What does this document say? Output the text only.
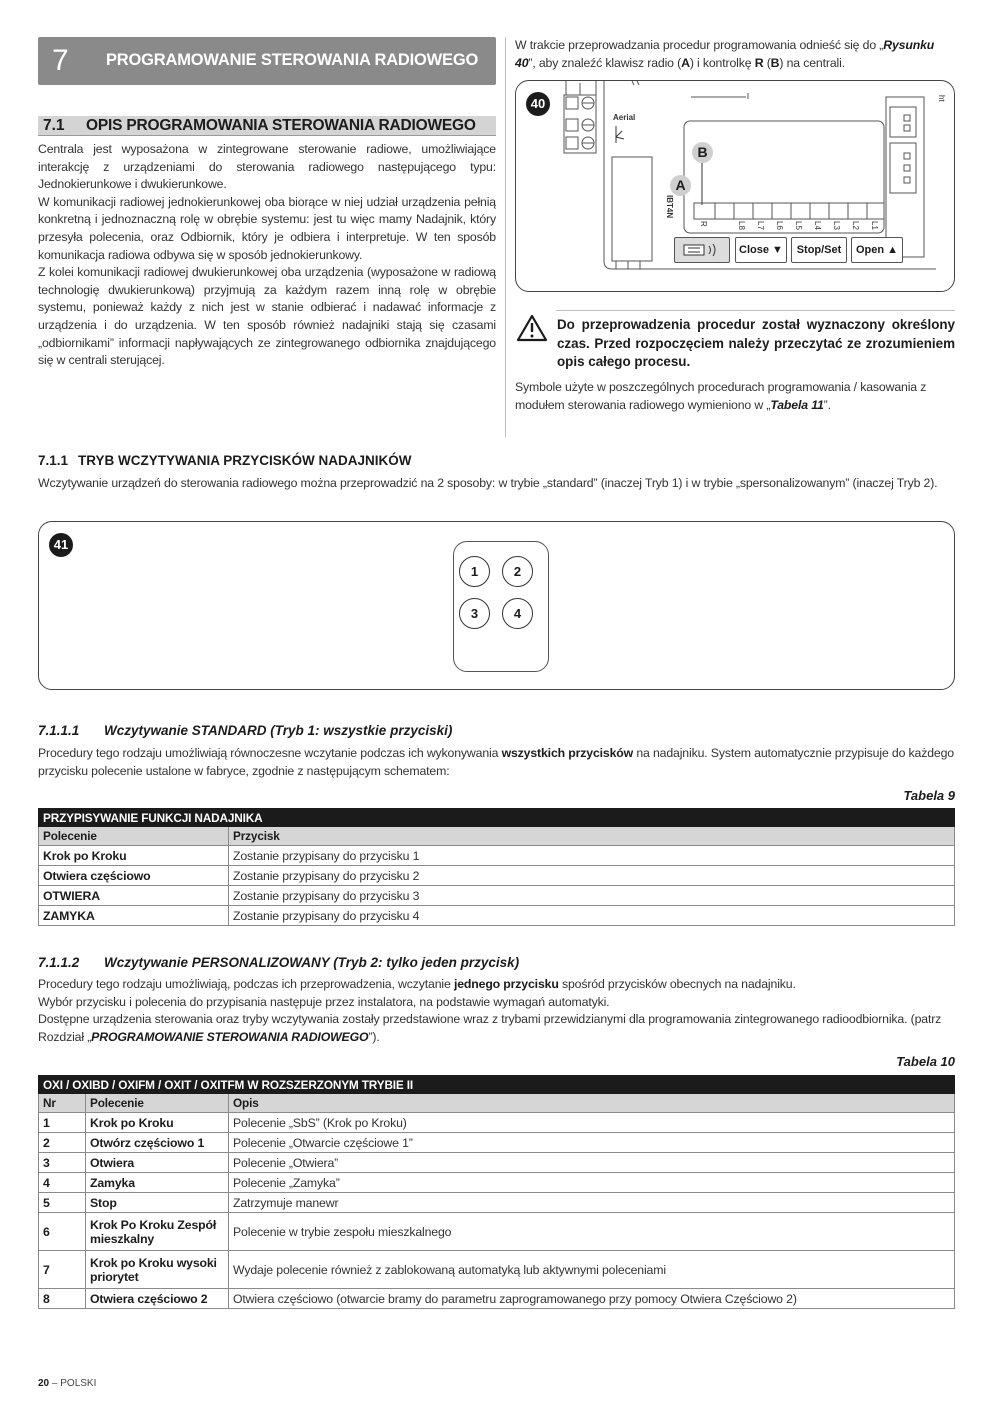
7 PROGRAMOWANIE STEROWANIA RADIOWEGO
7.1 OPIS PROGRAMOWANIA STEROWANIA RADIOWEGO

Centrala jest wyposażona w zintegrowane sterowanie radiowe, umożliwiające interakcję z urządzeniami do sterowania radiowego następującego typu: Jednokierunkowe i dwukierunkowe.

W komunikacji radiowej jednokierunkowej oba biorące w niej udział urządzenia pełnią konkretną i jednoznaczną rolę w obrębie systemu: jest tu więc mamy Nadajnik, który przesyła polecenia, oraz Odbiornik, który je odbiera i interpretuje. W ten sposób komunikacja radiowa odbywa się w sposób jednokierunkowy.

Z kolei komunikacji radiowej dwukierunkowej oba urządzenia (wyposażone w radiową technologię dwukierunkową) przyjmują za każdym razem inną rolę w obrębie systemu, ponieważ każdy z nich jest w stanie odbierać i nadawać informacje z urządzenia i do urządzenia. W ten sposób również nadajniki stają się czasami „odbiornikami” informacji napływających ze zintegrowanego odbiornika znajdującego się w centrali sterującej.

W trakcie przeprowadzania procedur programowania odnieść się do „Rysunku 40”, aby znaleźć klawisz radio (A) i kontrolkę R (B) na centrali.
40
Aerial
IBT4N
ht
B
A
R	L8 L7 L6 L5 L4 L3 L2 L1
Close ▼	Stop/Set	Open ▲
Do przeprowadzenia procedur został wyznaczony określony czas. Przed rozpoczęciem należy przeczytać ze zrozumieniem opis całego procesu.
Symbole użyte w poszczególnych procedurach programowania / kasowania z modułem sterowania radiowego wymieniono w „Tabela 11”.
7.1.1 TRYB WCZYTYWANIA PRZYCISKÓW NADAJNIKÓW
Wczytywanie urządzeń do sterowania radiowego można przeprowadzić na 2 sposoby: w trybie „standard” (inaczej Tryb 1) i w trybie „spersonalizowanym” (inaczej Tryb 2).
41
1	2
3	4
7.1.1.1 Wczytywanie STANDARD (Tryb 1: wszystkie przyciski)
Procedury tego rodzaju umożliwiają równoczesne wczytanie podczas ich wykonywania wszystkich przycisków na nadajniku. System automatycznie przypisuje do każdego przycisku polecenie ustalone w fabryce, zgodnie z następującym schematem:
Tabela 9
PRZYPISYWANIE FUNKCJI NADAJNIKA	
Polecenie	Przycisk
Krok po Kroku	Zostanie przypisany do przycisku 1
Otwiera częściowo	Zostanie przypisany do przycisku 2
OTWIERA	Zostanie przypisany do przycisku 3
ZAMYKA	Zostanie przypisany do przycisku 4
7.1.1.2 Wczytywanie PERSONALIZOWANY (Tryb 2: tylko jeden przycisk)
Procedury tego rodzaju umożliwiają, podczas ich przeprowadzenia, wczytanie jednego przycisku spośród przycisków obecnych na nadajniku.
Wybór przycisku i polecenia do przypisania następuje przez instalatora, na podstawie wymagań automatyki.
Dostępne urządzenia sterowania oraz tryby wczytywania zostały przedstawione wraz z trybami przewidzianymi dla programowania zintegrowanego radioodbiornika. (patrz Rozdział „PROGRAMOWANIE STEROWANIA RADIOWEGO”).
Tabela 10
OXI / OXIBD / OXIFM / OXIT / OXITFM W ROZSZERZONYM TRYBIE II		
Nr	Polecenie	Opis
1	Krok po Kroku	Polecenie „SbS” (Krok po Kroku)
2	Otwórz częściowo 1	Polecenie „Otwarcie częściowe 1”
3	Otwiera	Polecenie „Otwiera”
4	Zamyka	Polecenie „Zamyka”
5	Stop	Zatrzymuje manewr
6	Krok Po Kroku Zespół mieszkalny	Polecenie w trybie zespołu mieszkalnego
7	Krok po Kroku wysoki priorytet	Wydaje polecenie również z zablokowaną automatyką lub aktywnymi poleceniami
8	Otwiera częściowo 2	Otwiera częściowo (otwarcie bramy do parametru zaprogramowanego przy pomocy Otwiera Częściowo 2)
20 – POLSKI
